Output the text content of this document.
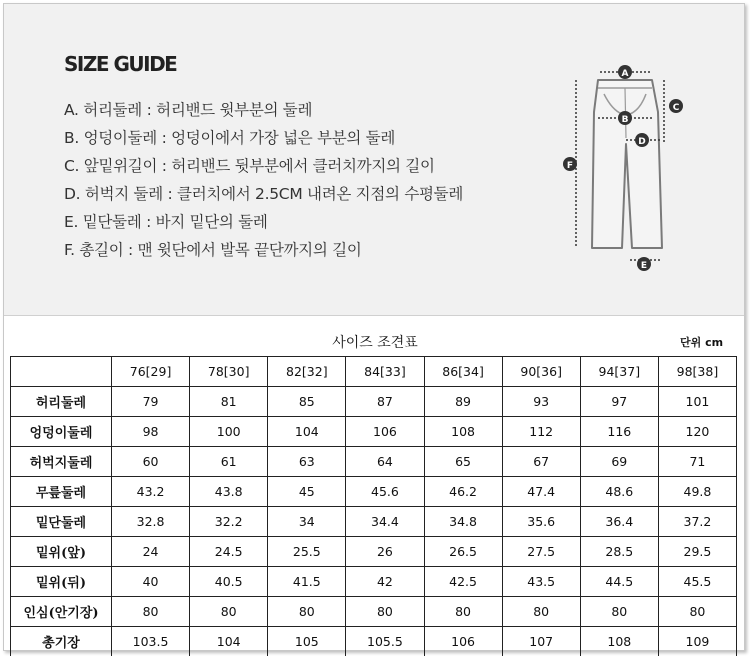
SIZE GUIDE
A. 허리둘레 : 허리밴드 윗부분의 둘레
B. 엉덩이둘레 : 엉덩이에서 가장 넓은 부분의 둘레
C. 앞밑위길이 : 허리밴드 뒷부분에서 클러치까지의 길이
D. 허벅지 둘레 : 클러치에서 2.5CM 내려온 지점의 수평둘레
E. 밑단둘레 : 바지 밑단의 둘레
F. 총길이 : 맨 윗단에서 발목 끝단까지의 길이
A
B
C
D
F
E
사이즈 조견표	단위 cm
	76[29]	78[30]	82[32]	84[33]	86[34]	90[36]	94[37]	98[38]
허리둘레	79	81	85	87	89	93	97	101
엉덩이둘레	98	100	104	106	108	112	116	120
허벅지둘레	60	61	63	64	65	67	69	71
무릎둘레	43.2	43.8	45	45.6	46.2	47.4	48.6	49.8
밑단둘레	32.8	32.2	34	34.4	34.8	35.6	36.4	37.2
밑위(앞)	24	24.5	25.5	26	26.5	27.5	28.5	29.5
밑위(뒤)	40	40.5	41.5	42	42.5	43.5	44.5	45.5
인심(안기장)	80	80	80	80	80	80	80	80
총기장	103.5	104	105	105.5	106	107	108	109
